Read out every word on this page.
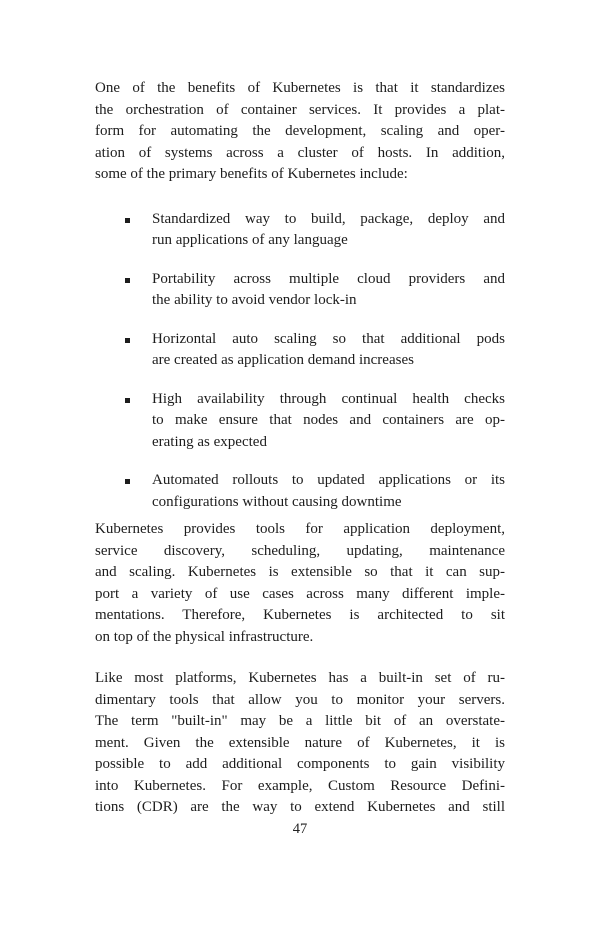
One of the benefits of Kubernetes is that it standardizes
the orchestration of container services. It provides a plat-
form for automating the development, scaling and oper-
ation of systems across a cluster of hosts. In addition,
some of the primary benefits of Kubernetes include:
Standardized way to build, package, deploy and
run applications of any language
Portability across multiple cloud providers and
the ability to avoid vendor lock-in
Horizontal auto scaling so that additional pods
are created as application demand increases
High availability through continual health checks
to make ensure that nodes and containers are op-
erating as expected
Automated rollouts to updated applications or its
configurations without causing downtime
Kubernetes provides tools for application deployment,
service discovery, scheduling, updating, maintenance
and scaling. Kubernetes is extensible so that it can sup-
port a variety of use cases across many different imple-
mentations. Therefore, Kubernetes is architected to sit
on top of the physical infrastructure.
Like most platforms, Kubernetes has a built-in set of ru-
dimentary tools that allow you to monitor your servers.
The term "built-in" may be a little bit of an overstate-
ment. Given the extensible nature of Kubernetes, it is
possible to add additional components to gain visibility
into Kubernetes. For example, Custom Resource Defini-
tions (CDR) are the way to extend Kubernetes and still
47
